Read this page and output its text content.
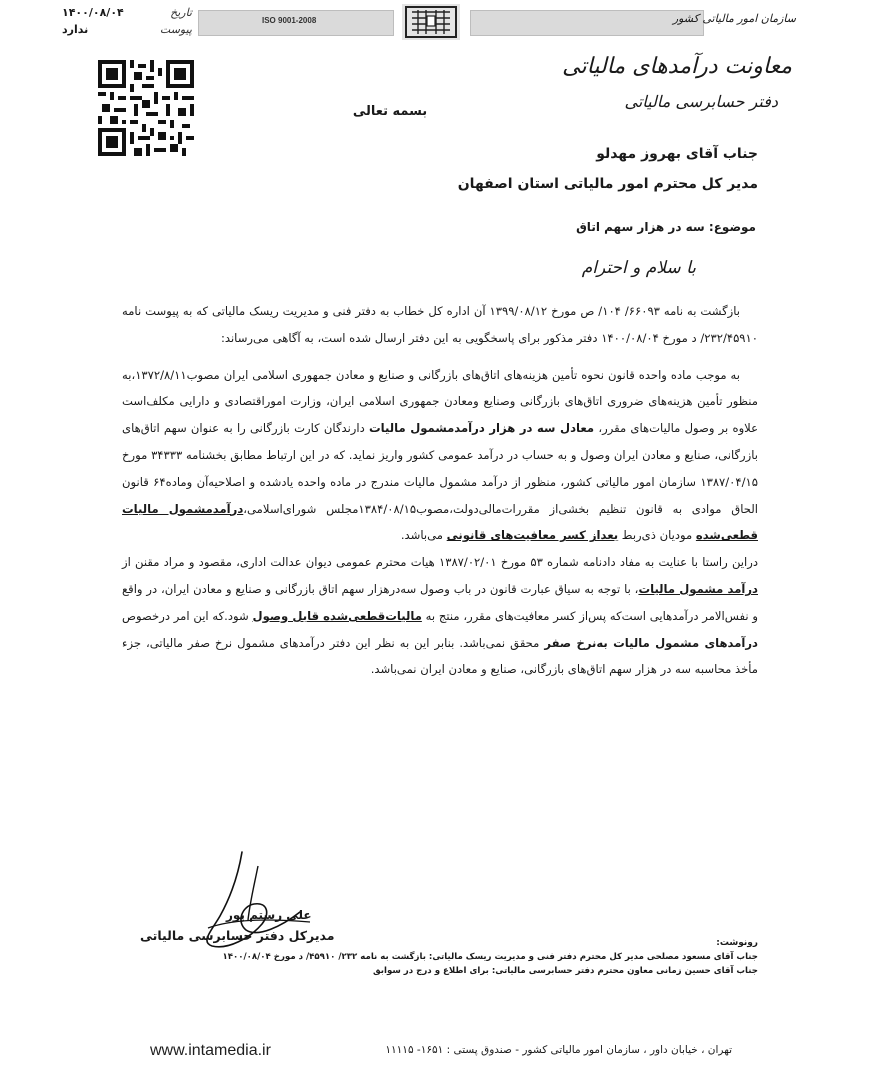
تاریخ
۱۴۰۰/۰۸/۰۴
پیوست
ندارد
ISO 9001-2008	سازمان امور مالیاتی کشور
معاونت درآمدهای مالیاتی
دفتر حسابرسی مالیاتی
بسمه تعالی
جناب آقای بهروز مهدلو
مدیر کل محترم امور مالیاتی استان اصفهان
موضوع: سه در هزار سهم اتاق
با سلام و احترام

بازگشت به نامه ۶۶۰۹۳/ ۱۰۴/ ص مورخ ۱۳۹۹/۰۸/۱۲ آن اداره کل خطاب به دفتر فنی و مدیریت ریسک مالیاتی که به پیوست نامه ۲۳۲/۴۵۹۱۰/ د مورخ ۱۴۰۰/۰۸/۰۴ دفتر مذکور برای پاسخگویی به این دفتر ارسال شده است، به آگاهی می‌رساند:

به موجب ماده واحده قانون نحوه تأمین هزینه‌های اتاق‌های بازرگانی و صنایع و معادن جمهوری اسلامی ایران مصوب۱۳۷۲/۸/۱۱،به منظور تأمین هزینه‌های ضروری اتاق‌های بازرگانی وصنایع ومعادن جمهوری اسلامی ایران، وزارت اموراقتصادی و دارایی مکلف‌است علاوه بر وصول مالیات‌های مقرر، معادل سه در هزار درآمدمشمول مالیات دارندگان کارت بازرگانی را به عنوان سهم اتاق‌های بازرگانی، صنایع و معادن ایران وصول و به حساب در درآمد عمومی کشور واریز نماید. که در این ارتباط مطابق بخشنامه ۳۴۳۳۳ مورخ ۱۳۸۷/۰۴/۱۵ سازمان امور مالیاتی کشور، منظور از درآمد مشمول مالیات مندرج در ماده واحده یادشده و اصلاحیه‌آن وماده۶۴ قانون الحاق موادی به قانون تنظیم بخشی‌از مقررات‌مالی‌دولت،مصوب۱۳۸۴/۰۸/۱۵مجلس شورای‌اسلامی،درآمدمشمول مالیات قطعی‌شده مودیان ذی‌ربط بعداز کسر معافیت‌های قانونی می‌باشد.

دراین راستا با عنایت به مفاد دادنامه شماره ۵۳ مورخ ۱۳۸۷/۰۲/۰۱ هیات محترم عمومی دیوان عدالت اداری، مقصود و مراد مقنن از درآمد مشمول مالیات، با توجه به سیاق عبارت قانون در باب وصول سه‌درهزار سهم اتاق بازرگانی و صنایع و معادن ایران، در واقع و نفس‌الامر درآمدهایی است‌که پس‌از کسر معافیت‌های مقرر، منتج به مالیات‌قطعی‌شده قابل وصول شود.که این امر درخصوص درآمدهای مشمول مالیات به‌نرخ صفر محقق نمی‌باشد. بنابر این به نظر این دفتر درآمدهای مشمول نرخ صفر مالیاتی، جزء مأخذ محاسبه سه در هزار سهم اتاق‌های بازرگانی، صنایع و معادن ایران نمی‌باشد.

علی رستم پور
مدیرکل دفتر حسابرسی مالیاتی	رونوشت:
جناب آقای مسعود مصلحی مدیر کل محترم دفتر فنی و مدیریت ریسک مالیاتی: بازگشت به نامه ۲۳۲/ ۴۵۹۱۰/ د مورخ ۱۴۰۰/۰۸/۰۴
جناب آقای حسین زمانی معاون محترم دفتر حسابرسی مالیاتی: برای اطلاع و درج در سوابق
www.intamedia.ir	تهران ، خیابان داور ، سازمان امور مالیاتی کشور - صندوق پستی : ۱۶۵۱- ۱۱۱۱۵
